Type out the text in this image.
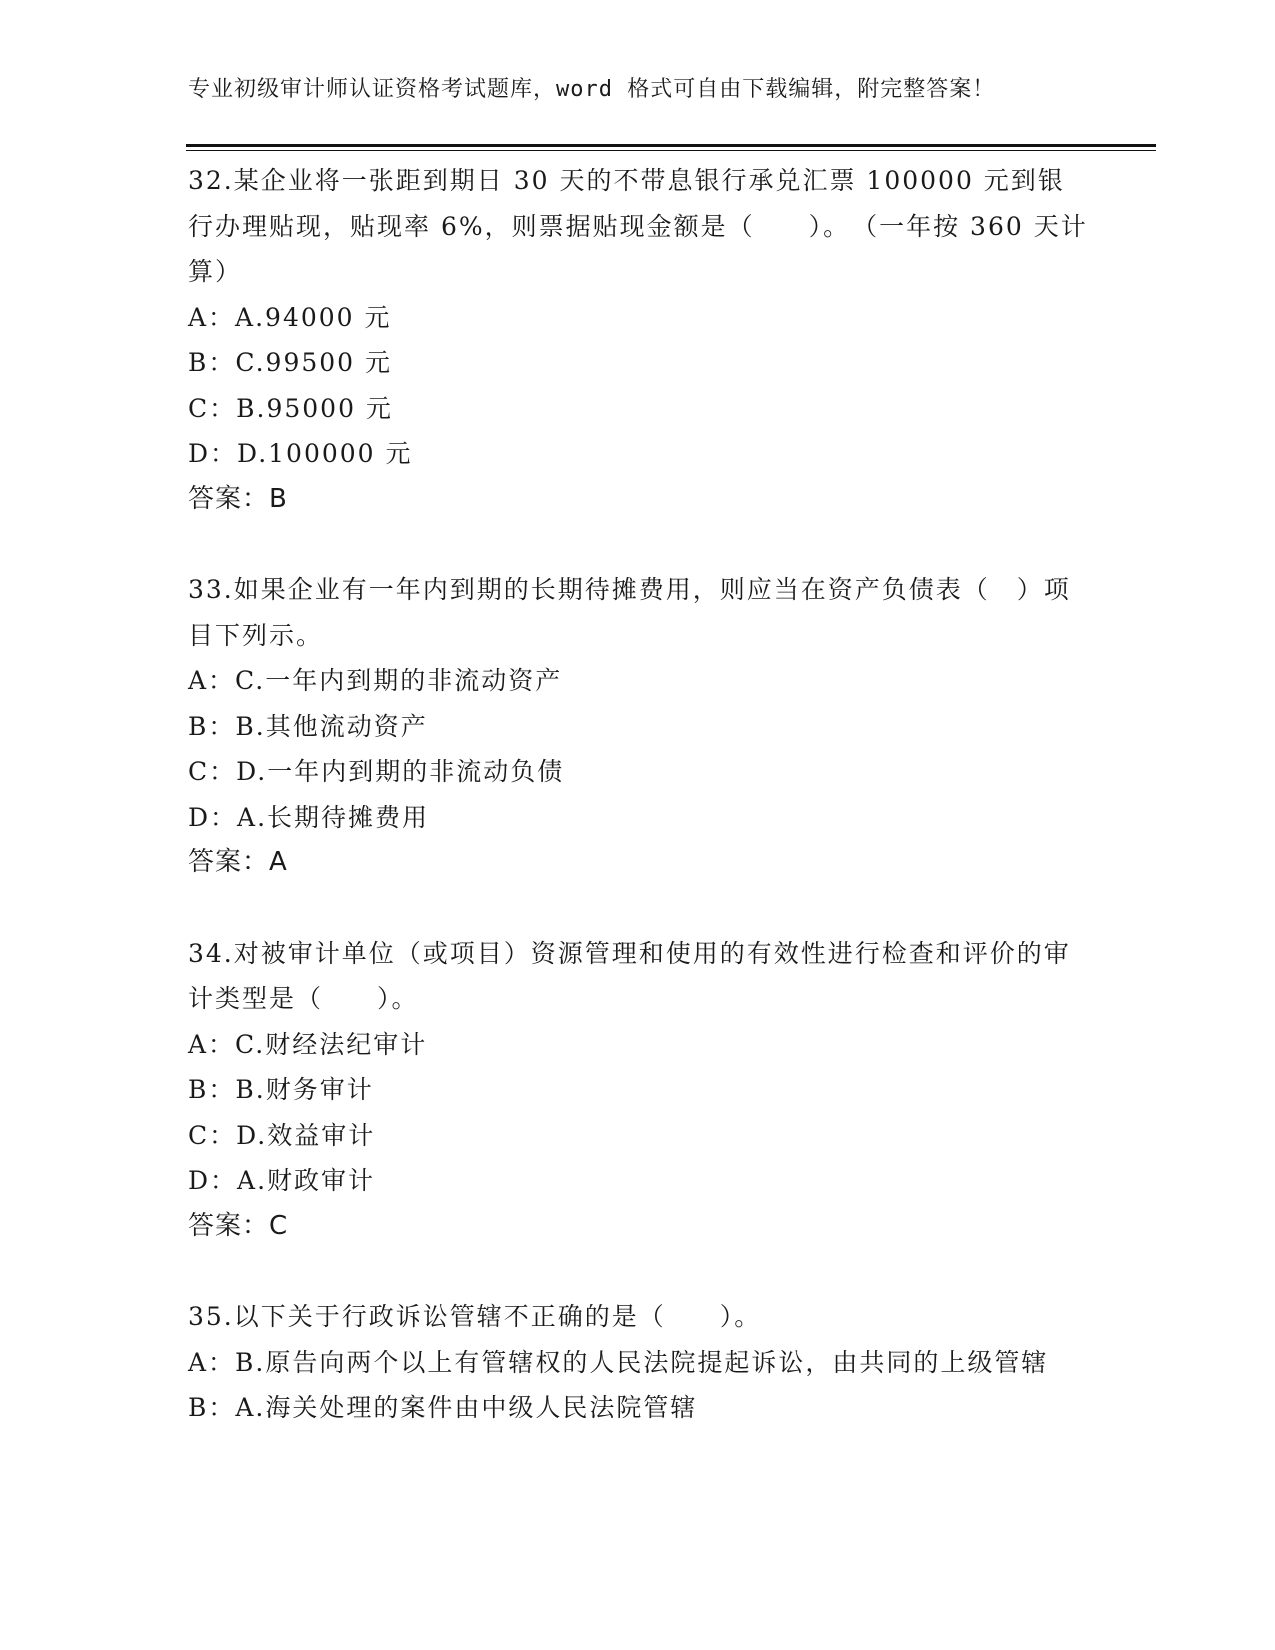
专业初级审计师认证资格考试题库，word 格式可自由下载编辑，附完整答案！

32.某企业将一张距到期日 30 天的不带息银行承兑汇票 100000 元到银行办理贴现，贴现率 6%，则票据贴现金额是（　　）。　（一年按 360 天计算）

A：A.94000 元

B：C.99500 元

C：B.95000 元

D：D.100000 元

答案：B

33.如果企业有一年内到期的长期待摊费用，则应当在资产负债表（　）项目下列示。

A：C.一年内到期的非流动资产

B：B.其他流动资产

C：D.一年内到期的非流动负债

D：A.长期待摊费用

答案：A

34.对被审计单位（或项目）资源管理和使用的有效性进行检查和评价的审计类型是（　　）。

A：C.财经法纪审计

B：B.财务审计

C：D.效益审计

D：A.财政审计

答案：C

35.以下关于行政诉讼管辖不正确的是（　　）。

A：B.原告向两个以上有管辖权的人民法院提起诉讼，由共同的上级管辖

B：A.海关处理的案件由中级人民法院管辖
